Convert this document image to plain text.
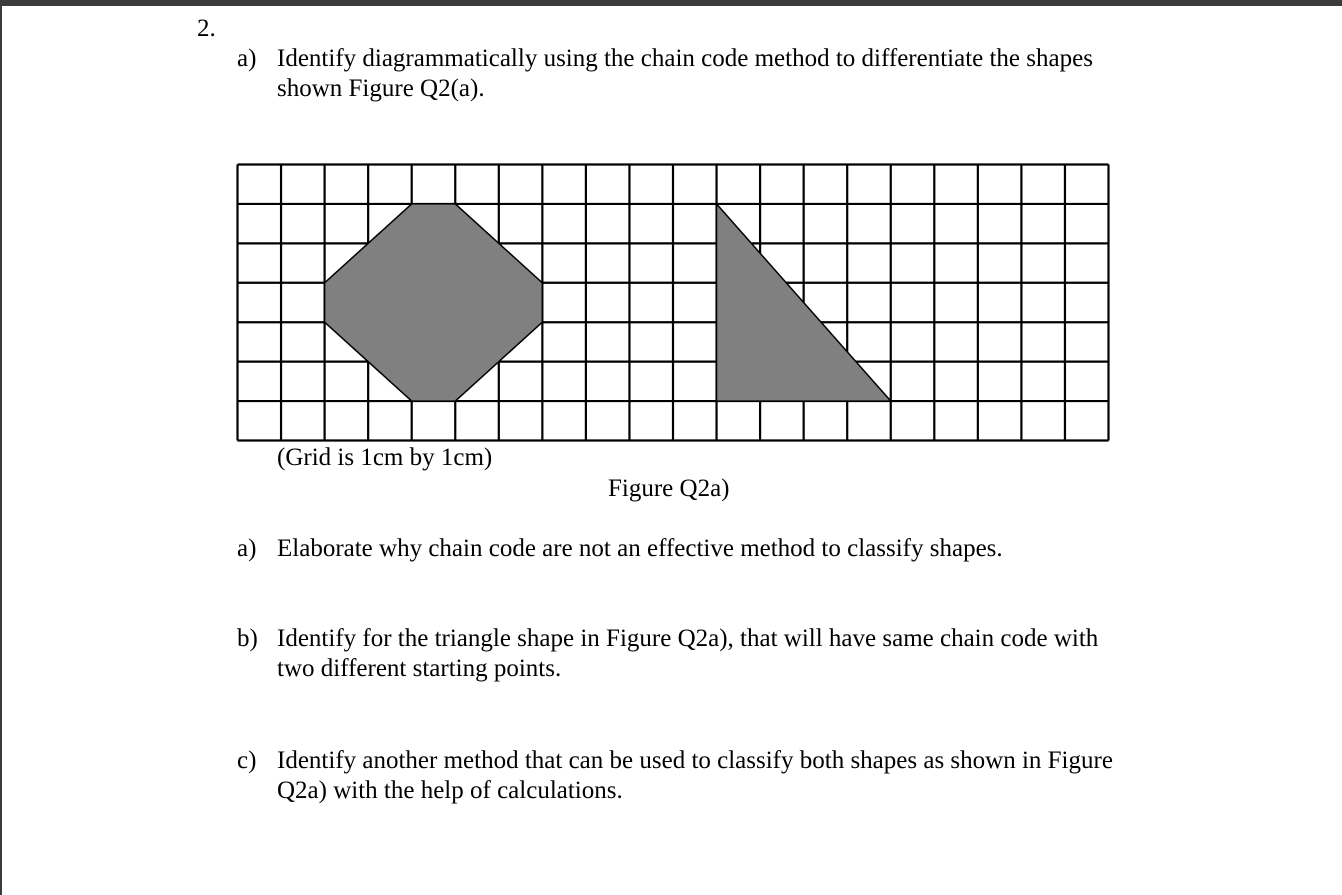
2.
a) Identify diagrammatically using the chain code method to differentiate the shapes
shown Figure Q2(a).
(Grid is 1cm by 1cm)
Figure Q2a)
a) Elaborate why chain code are not an effective method to classify shapes.
b) Identify for the triangle shape in Figure Q2a), that will have same chain code with
two different starting points.
c) Identify another method that can be used to classify both shapes as shown in Figure
Q2a) with the help of calculations.
